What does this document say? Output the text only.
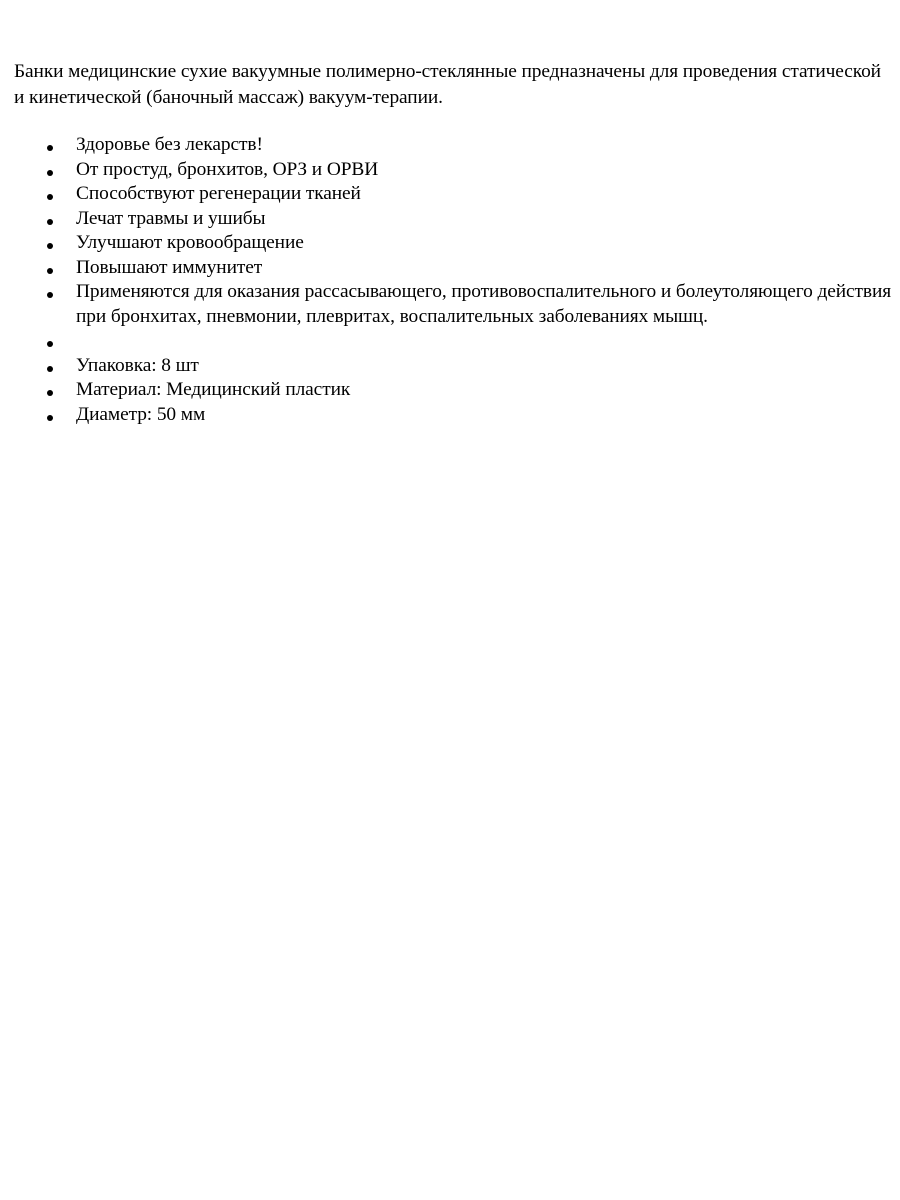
Банки медицинские сухие вакуумные полимерно-стеклянные предназначены для проведения статической и кинетической (баночный массаж) вакуум-терапии.

Здоровье без лекарств!
От простуд, бронхитов, ОРЗ и ОРВИ
Способствуют регенерации тканей
Лечат травмы и ушибы
Улучшают кровообращение
Повышают иммунитет
Применяются для оказания рассасывающего, противовоспалительного и болеутоляющего действия при бронхитах, пневмонии, плевритах, воспалительных заболеваниях мышц.
Упаковка: 8 шт
Материал: Медицинский пластик
Диаметр: 50 мм
